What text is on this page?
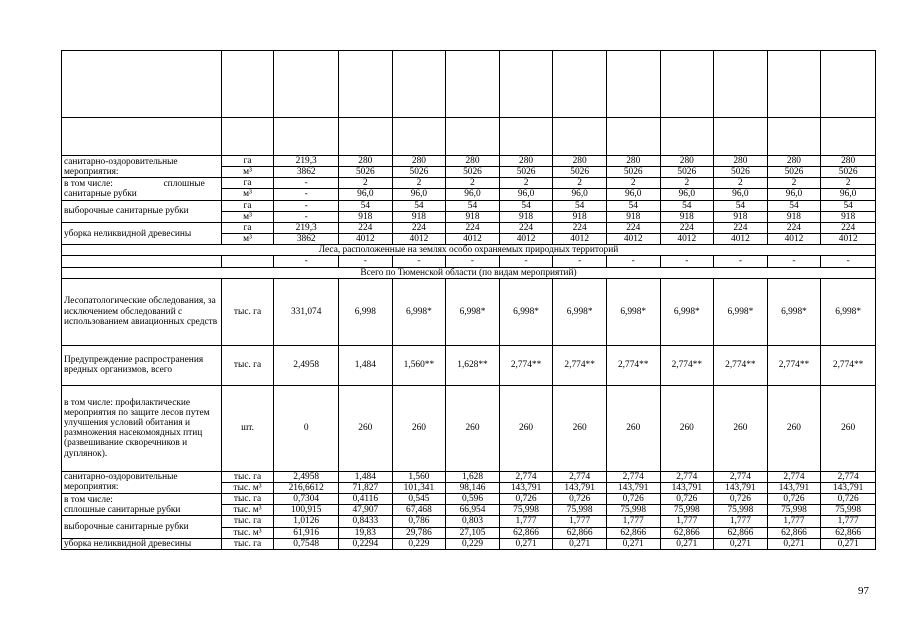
санитарно-оздоровительные мероприятия:	га	219,3	280	280	280	280	280	280	280	280	280	280
	м³	3862	5026	5026	5026	5026	5026	5026	5026	5026	5026	5026
в том числе: сплошные

санитарные рубки	га	-	2	2	2	2	2	2	2	2	2	2
	м³	-	96,0	96,0	96,0	96,0	96,0	96,0	96,0	96,0	96,0	96,0
выборочные санитарные рубки	га	-	54	54	54	54	54	54	54	54	54	54
	м³	-	918	918	918	918	918	918	918	918	918	918
уборка неликвидной древесины	га	219,3	224	224	224	224	224	224	224	224	224	224
	м³	3862	4012	4012	4012	4012	4012	4012	4012	4012	4012	4012
Леса, расположенные на землях особо охраняемых природных территорий												
		-	-	-	-	-	-	-	-	-	-	-
Всего по Тюменской области (по видам мероприятий)												
Лесопатологические обследования, за исключением обследований с использованием авиационных средств	тыс. га	331,074	6,998	6,998*	6,998*	6,998*	6,998*	6,998*	6,998*	6,998*	6,998*	6,998*
Предупреждение распространения вредных организмов, всего	тыс. га	2,4958	1,484	1,560**	1,628**	2,774**	2,774**	2,774**	2,774**	2,774**	2,774**	2,774**
в том числе: профилактические мероприятия по защите лесов путем улучшения условий обитания и размножения насекомоядных птиц (развешивание скворечников и дуплянок).	шт.	0	260	260	260	260	260	260	260	260	260	260
санитарно-оздоровительные мероприятия:	тыс. га	2,4958	1,484	1,560	1,628	2,774	2,774	2,774	2,774	2,774	2,774	2,774
	тыс. м³	216,6612	71,827	101,341	98,146	143,791	143,791	143,791	143,791	143,791	143,791	143,791
в том числе:
сплошные санитарные рубки	тыс. га	0,7304	0,4116	0,545	0,596	0,726	0,726	0,726	0,726	0,726	0,726	0,726
	тыс. м³	100,915	47,907	67,468	66,954	75,998	75,998	75,998	75,998	75,998	75,998	75,998
выборочные санитарные рубки	тыс. га	1,0126	0,8433	0,786	0,803	1,777	1,777	1,777	1,777	1,777	1,777	1,777
	тыс. м³	61,916	19,83	29,786	27,105	62,866	62,866	62,866	62,866	62,866	62,866	62,866
уборка неликвидной древесины	тыс. га	0,7548	0,2294	0,229	0,229	0,271	0,271	0,271	0,271	0,271	0,271	0,271
97
